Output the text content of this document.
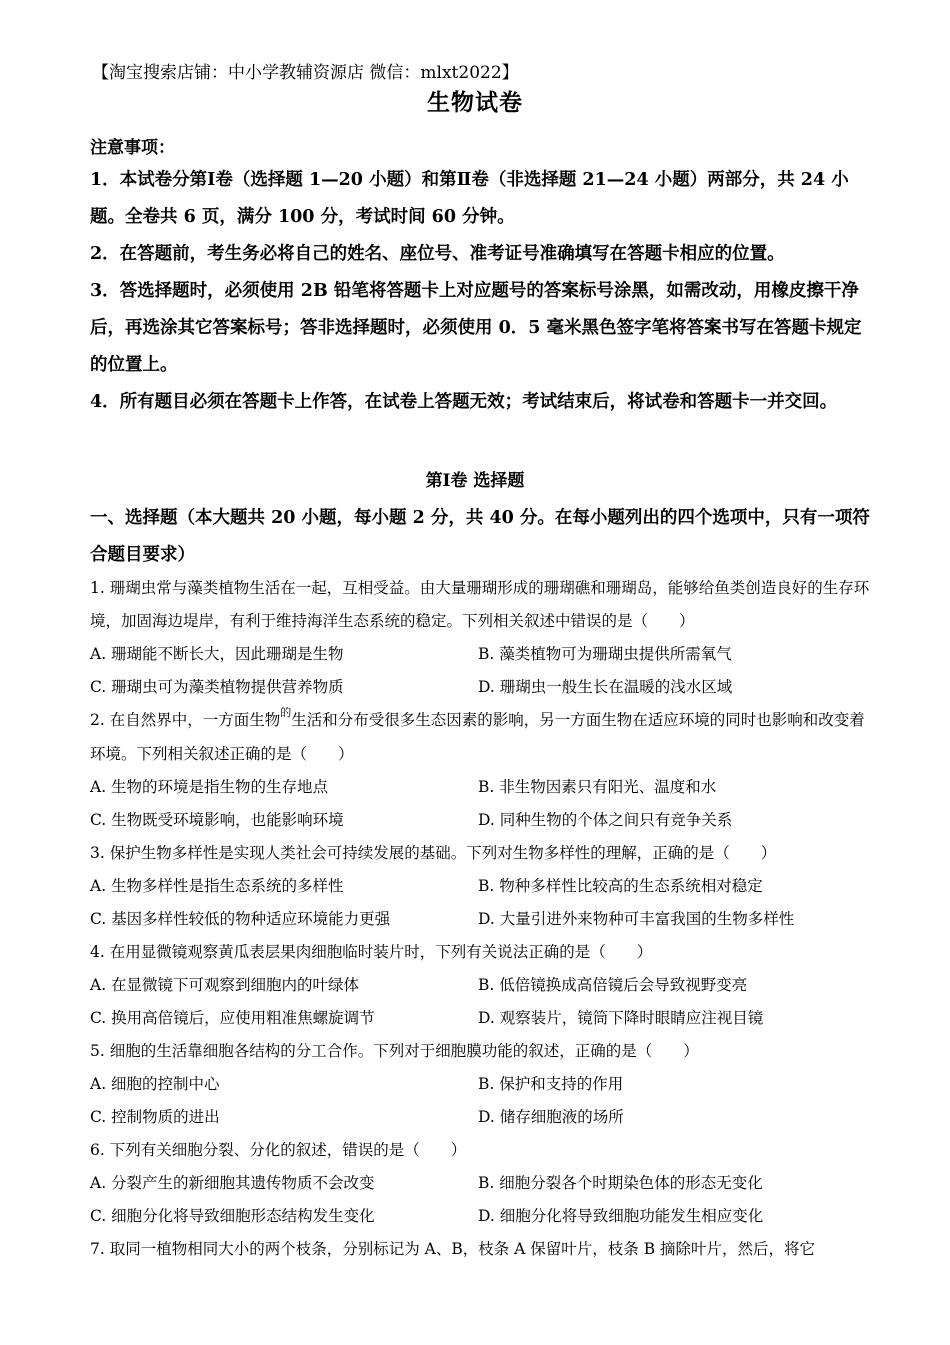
【淘宝搜索店铺：中小学教辅资源店 微信：mlxt2022】
生物试卷
注意事项：

1．本试卷分第Ⅰ卷（选择题 1—20 小题）和第Ⅱ卷（非选择题 21—24 小题）两部分，共 24 小题。全卷共 6 页，满分 100 分，考试时间 60 分钟。

2．在答题前，考生务必将自己的姓名、座位号、准考证号准确填写在答题卡相应的位置。

3．答选择题时，必须使用 2B 铅笔将答题卡上对应题号的答案标号涂黑，如需改动，用橡皮擦干净后，再选涂其它答案标号；答非选择题时，必须使用 0．5 毫米黑色签字笔将答案书写在答题卡规定的位置上。

4．所有题目必须在答题卡上作答，在试卷上答题无效；考试结束后，将试卷和答题卡一并交回。

第Ⅰ卷 选择题
一、选择题（本大题共 20 小题，每小题 2 分，共 40 分。在每小题列出的四个选项中，只有一项符合题目要求）

1. 珊瑚虫常与藻类植物生活在一起，互相受益。由大量珊瑚形成的珊瑚礁和珊瑚岛，能够给鱼类创造良好的生存环境，加固海边堤岸，有利于维持海洋生态系统的稳定。下列相关叙述中错误的是（　　）

A. 珊瑚能不断长大，因此珊瑚是生物	B. 藻类植物可为珊瑚虫提供所需氧气
C. 珊瑚虫可为藻类植物提供营养物质	D. 珊瑚虫一般生长在温暖的浅水区域

2. 在自然界中，一方面生物$^的$生活和分布受很多生态因素的影响，另一方面生物在适应环境的同时也影响和改变着环境。下列相关叙述正确的是（　　）

A. 生物的环境是指生物的生存地点	B. 非生物因素只有阳光、温度和水
C. 生物既受环境影响，也能影响环境	D. 同种生物的个体之间只有竞争关系

3. 保护生物多样性是实现人类社会可持续发展的基础。下列对生物多样性的理解，正确的是（　　）

A. 生物多样性是指生态系统的多样性	B. 物种多样性比较高的生态系统相对稳定
C. 基因多样性较低的物种适应环境能力更强	D. 大量引进外来物种可丰富我国的生物多样性

4. 在用显微镜观察黄瓜表层果肉细胞临时装片时，下列有关说法正确的是（　　）

A. 在显微镜下可观察到细胞内的叶绿体	B. 低倍镜换成高倍镜后会导致视野变亮
C. 换用高倍镜后，应使用粗准焦螺旋调节	D. 观察装片，镜筒下降时眼睛应注视目镜

5. 细胞的生活靠细胞各结构的分工合作。下列对于细胞膜功能的叙述，正确的是（　　）

A. 细胞的控制中心	B. 保护和支持的作用
C. 控制物质的进出	D. 储存细胞液的场所

6. 下列有关细胞分裂、分化的叙述，错误的是（　　）

A. 分裂产生的新细胞其遗传物质不会改变	B. 细胞分裂各个时期染色体的形态无变化
C. 细胞分化将导致细胞形态结构发生变化	D. 细胞分化将导致细胞功能发生相应变化

7. 取同一植物相同大小的两个枝条，分别标记为 A、B，枝条 A 保留叶片，枝条 B 摘除叶片，然后，将它
